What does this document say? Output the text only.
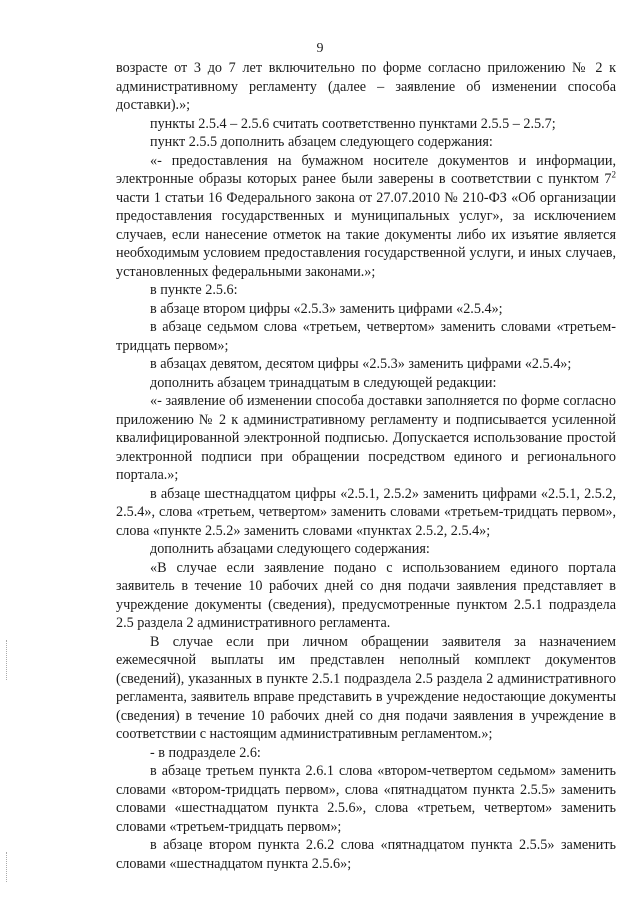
9

возрасте от 3 до 7 лет включительно по форме согласно приложению № 2 к административному регламенту (далее – заявление об изменении способа доставки).»;

пункты 2.5.4 – 2.5.6 считать соответственно пунктами 2.5.5 – 2.5.7;

пункт 2.5.5 дополнить абзацем следующего содержания:

«- предоставления на бумажном носителе документов и информации, электронные образы которых ранее были заверены в соответствии с пунктом $7^2$ части 1 статьи 16 Федерального закона от 27.07.2010 № 210-ФЗ «Об организации предоставления государственных и муниципальных услуг», за исключением случаев, если нанесение отметок на такие документы либо их изъятие является необходимым условием предоставления государственной услуги, и иных случаев, установленных федеральными законами.»;

в пункте 2.5.6:

в абзаце втором цифры «2.5.3» заменить цифрами «2.5.4»;

в абзаце седьмом слова «третьем, четвертом» заменить словами «третьем-тридцать первом»;

в абзацах девятом, десятом цифры «2.5.3» заменить цифрами «2.5.4»;

дополнить абзацем тринадцатым в следующей редакции:

«- заявление об изменении способа доставки заполняется по форме согласно приложению № 2 к административному регламенту и подписывается усиленной квалифицированной электронной подписью. Допускается использование простой электронной подписи при обращении посредством единого и регионального портала.»;

в абзаце шестнадцатом цифры «2.5.1, 2.5.2» заменить цифрами «2.5.1, 2.5.2, 2.5.4», слова «третьем, четвертом» заменить словами «третьем-тридцать первом», слова «пункте 2.5.2» заменить словами «пунктах 2.5.2, 2.5.4»;

дополнить абзацами следующего содержания:

«В случае если заявление подано с использованием единого портала заявитель в течение 10 рабочих дней со дня подачи заявления представляет в учреждение документы (сведения), предусмотренные пунктом 2.5.1 подраздела 2.5 раздела 2 административного регламента.

В случае если при личном обращении заявителя за назначением ежемесячной выплаты им представлен неполный комплект документов (сведений), указанных в пункте 2.5.1 подраздела 2.5 раздела 2 административного регламента, заявитель вправе представить в учреждение недостающие документы (сведения) в течение 10 рабочих дней со дня подачи заявления в учреждение в соответствии с настоящим административным регламентом.»;

- в подразделе 2.6:

в абзаце третьем пункта 2.6.1 слова «втором-четвертом седьмом» заменить словами «втором-тридцать первом», слова «пятнадцатом пункта 2.5.5» заменить словами «шестнадцатом пункта 2.5.6», слова «третьем, четвертом» заменить словами «третьем-тридцать первом»;

в абзаце втором пункта 2.6.2 слова «пятнадцатом пункта 2.5.5» заменить словами «шестнадцатом пункта 2.5.6»;
